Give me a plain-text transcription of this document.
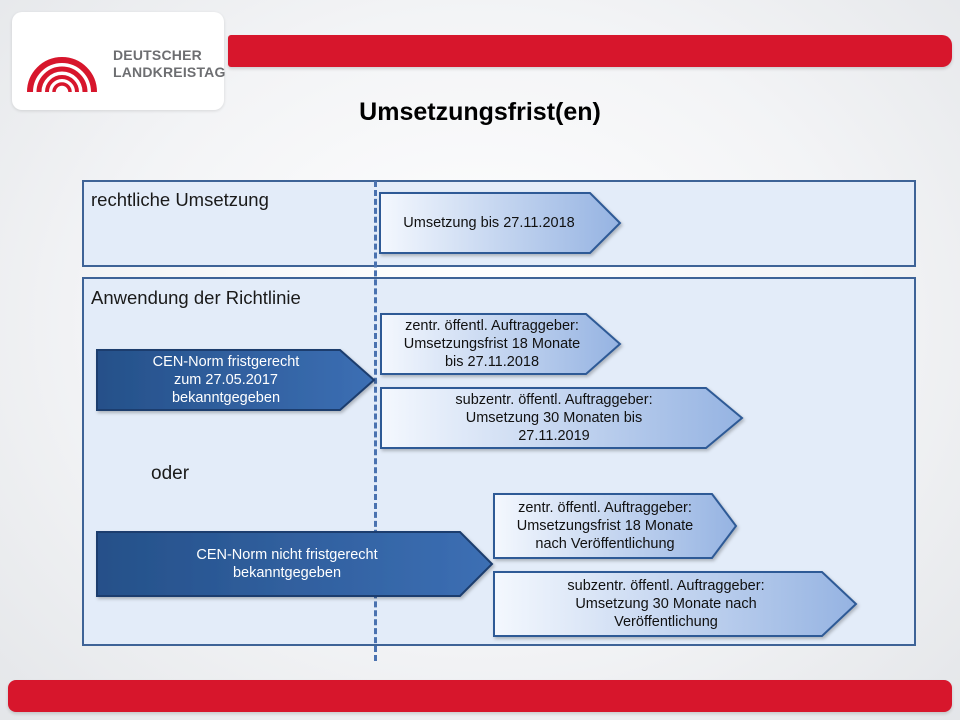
DEUTSCHER
LANDKREISTAG
Umsetzungsfrist(en)
rechtliche Umsetzung
Anwendung der Richtlinie
Umsetzung bis 27.11.2018
CEN-Norm fristgerecht
zum 27.05.2017
bekanntgegeben
zentr. öffentl. Auftraggeber:
Umsetzungsfrist 18 Monate
bis 27.11.2018
subzentr. öffentl. Auftraggeber:
Umsetzung 30 Monaten bis
27.11.2019
oder
CEN-Norm nicht fristgerecht
bekanntgegeben
zentr. öffentl. Auftraggeber:
Umsetzungsfrist 18 Monate
nach Veröffentlichung
subzentr. öffentl. Auftraggeber:
Umsetzung 30 Monate nach
Veröffentlichung
